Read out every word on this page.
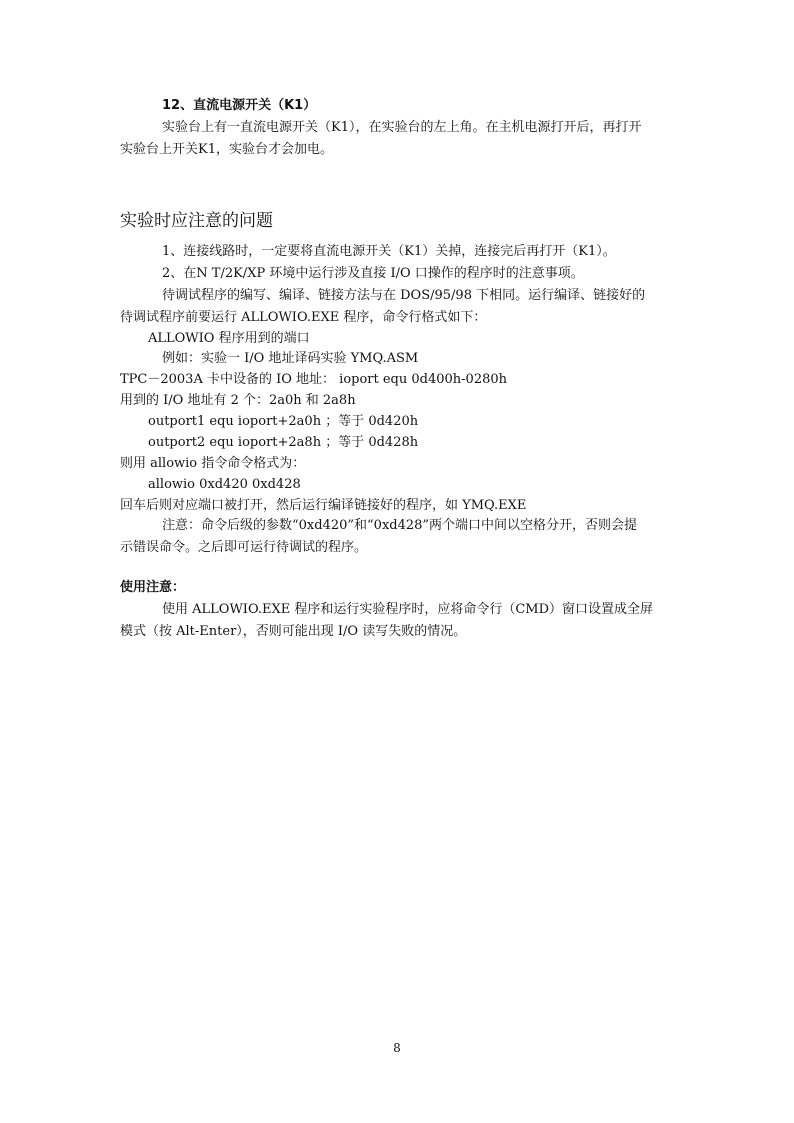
12、直流电源开关（K1）
实验台上有一直流电源开关（K1），在实验台的左上角。在主机电源打开后，再打开
实验台上开关K1，实验台才会加电。
实验时应注意的问题
1、连接线路时，一定要将直流电源开关（K1）关掉，连接完后再打开（K1）。
2、在N T/2K/XP 环境中运行涉及直接 I/O 口操作的程序时的注意事项。
待调试程序的编写、编译、链接方法与在 DOS/95/98 下相同。运行编译、链接好的
待调试程序前要运行 ALLOWIO.EXE 程序，命令行格式如下：
ALLOWIO 程序用到的端口
例如：实验一 I/O 地址译码实验 YMQ.ASM
TPC－2003A 卡中设备的 IO 地址： ioport equ 0d400h-0280h
用到的 I/O 地址有 2 个：2a0h 和 2a8h
outport1 equ ioport+2a0h ；等于 0d420h
outport2 equ ioport+2a8h ；等于 0d428h
则用 allowio 指令命令格式为：
allowio 0xd420 0xd428
回车后则对应端口被打开，然后运行编译链接好的程序，如 YMQ.EXE
注意：命令后级的参数“0xd420”和“0xd428”两个端口中间以空格分开，否则会提
示错误命令。之后即可运行待调试的程序。
使用注意：
使用 ALLOWIO.EXE 程序和运行实验程序时，应将命令行（CMD）窗口设置成全屏
模式（按 Alt-Enter），否则可能出现 I/O 读写失败的情况。
8
